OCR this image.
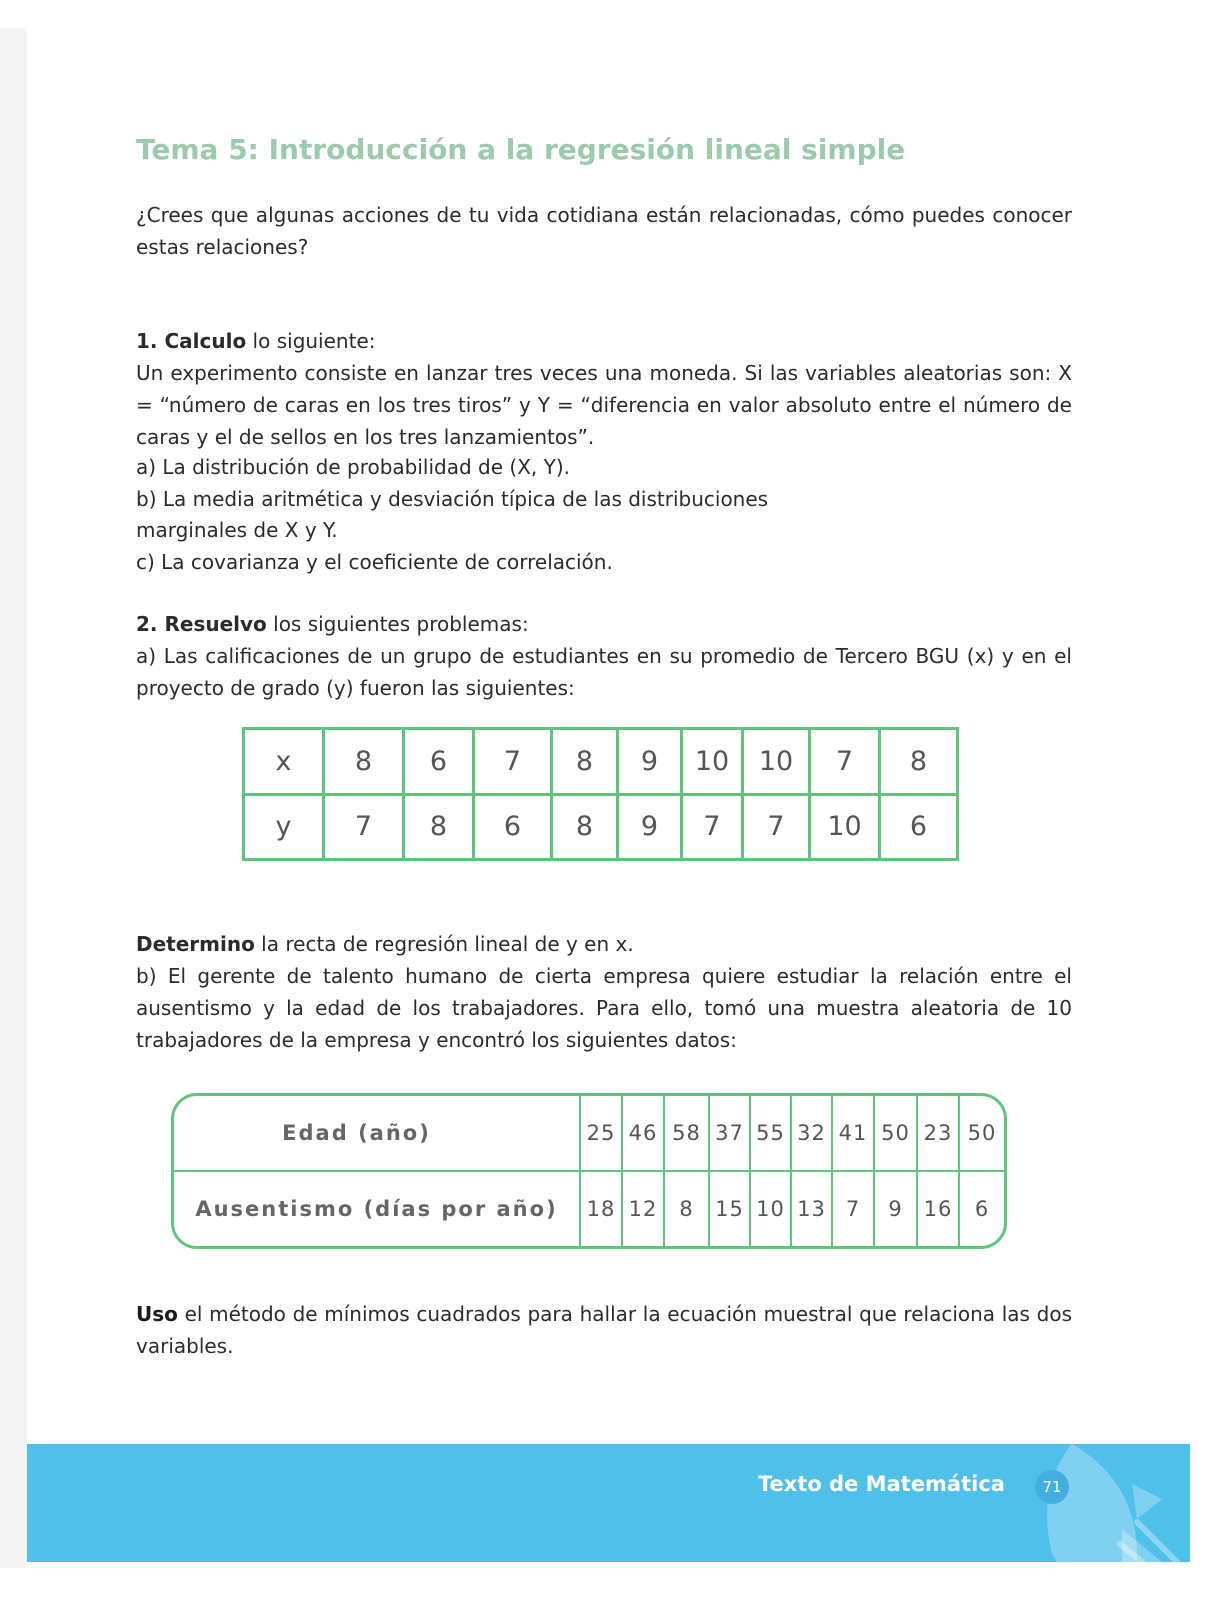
Tema 5: Introducción a la regresión lineal simple

¿Crees que algunas acciones de tu vida cotidiana están relacionadas, cómo puedes conocer estas relaciones?

1. Calculo lo siguiente:

Un experimento consiste en lanzar tres veces una moneda. Si las variables aleatorias son: X = “número de caras en los tres tiros” y Y = “diferencia en valor absoluto entre el número de caras y el de sellos en los tres lanzamientos”.

a) La distribución de probabilidad de (X, Y).

b) La media aritmética y desviación típica de las distribuciones

marginales de X y Y.

c) La covarianza y el coeficiente de correlación.

2. Resuelvo los siguientes problemas:

a) Las calificaciones de un grupo de estudiantes en su promedio de Tercero BGU (x) y en el proyecto de grado (y) fueron las siguientes:

x	8	6	7	8	9	10	10	7	8
y	7	8	6	8	9	7	7	10	6

Determino la recta de regresión lineal de y en x.

b) El gerente de talento humano de cierta empresa quiere estudiar la relación entre el ausentismo y la edad de los trabajadores. Para ello, tomó una muestra aleatoria de 10 trabajadores de la empresa y encontró los siguientes datos:

Edad (año)	25	46	58	37	55	32	41	50	23	50
Ausentismo (días por año)	18	12	8	15	10	13	7	9	16	6

Uso el método de mínimos cuadrados para hallar la ecuación muestral que relaciona las dos variables.

Texto de Matemática	71
